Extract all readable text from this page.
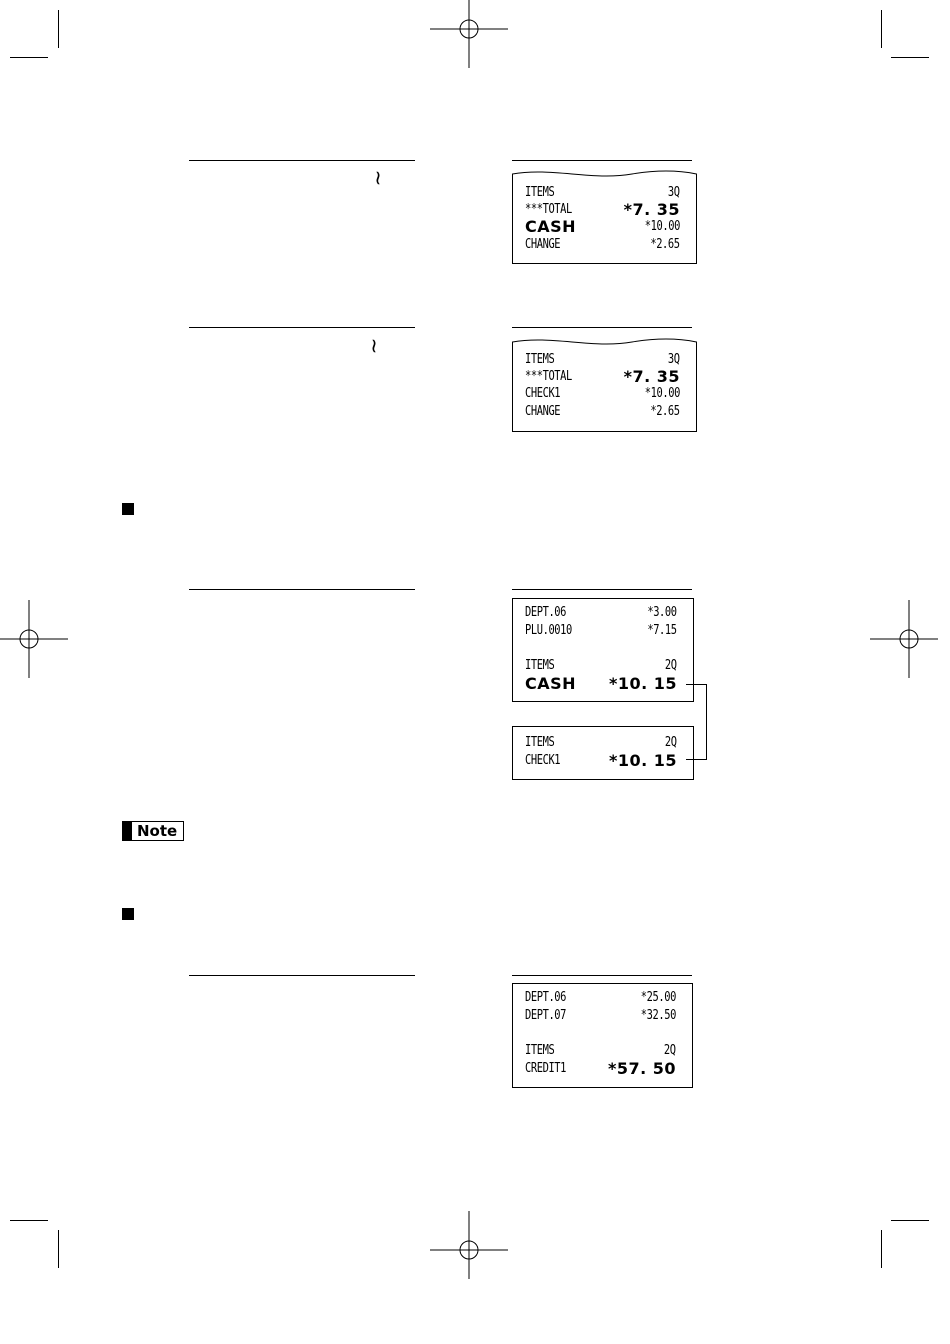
~
ITEMS	3Q
***TOTAL	*7. 35
CASH	*10.00
CHANGE	*2.65
~
ITEMS	3Q
***TOTAL	*7. 35
CHECK1	*10.00
CHANGE	*2.65
DEPT.06	*3.00
PLU.0010	*7.15
ITEMS	2Q
CASH *10. 15
ITEMS	2Q
CHECK1	*10. 15
Note
DEPT.06	*25.00
DEPT.07	*32.50
ITEMS	2Q
CREDIT1	*57. 50
